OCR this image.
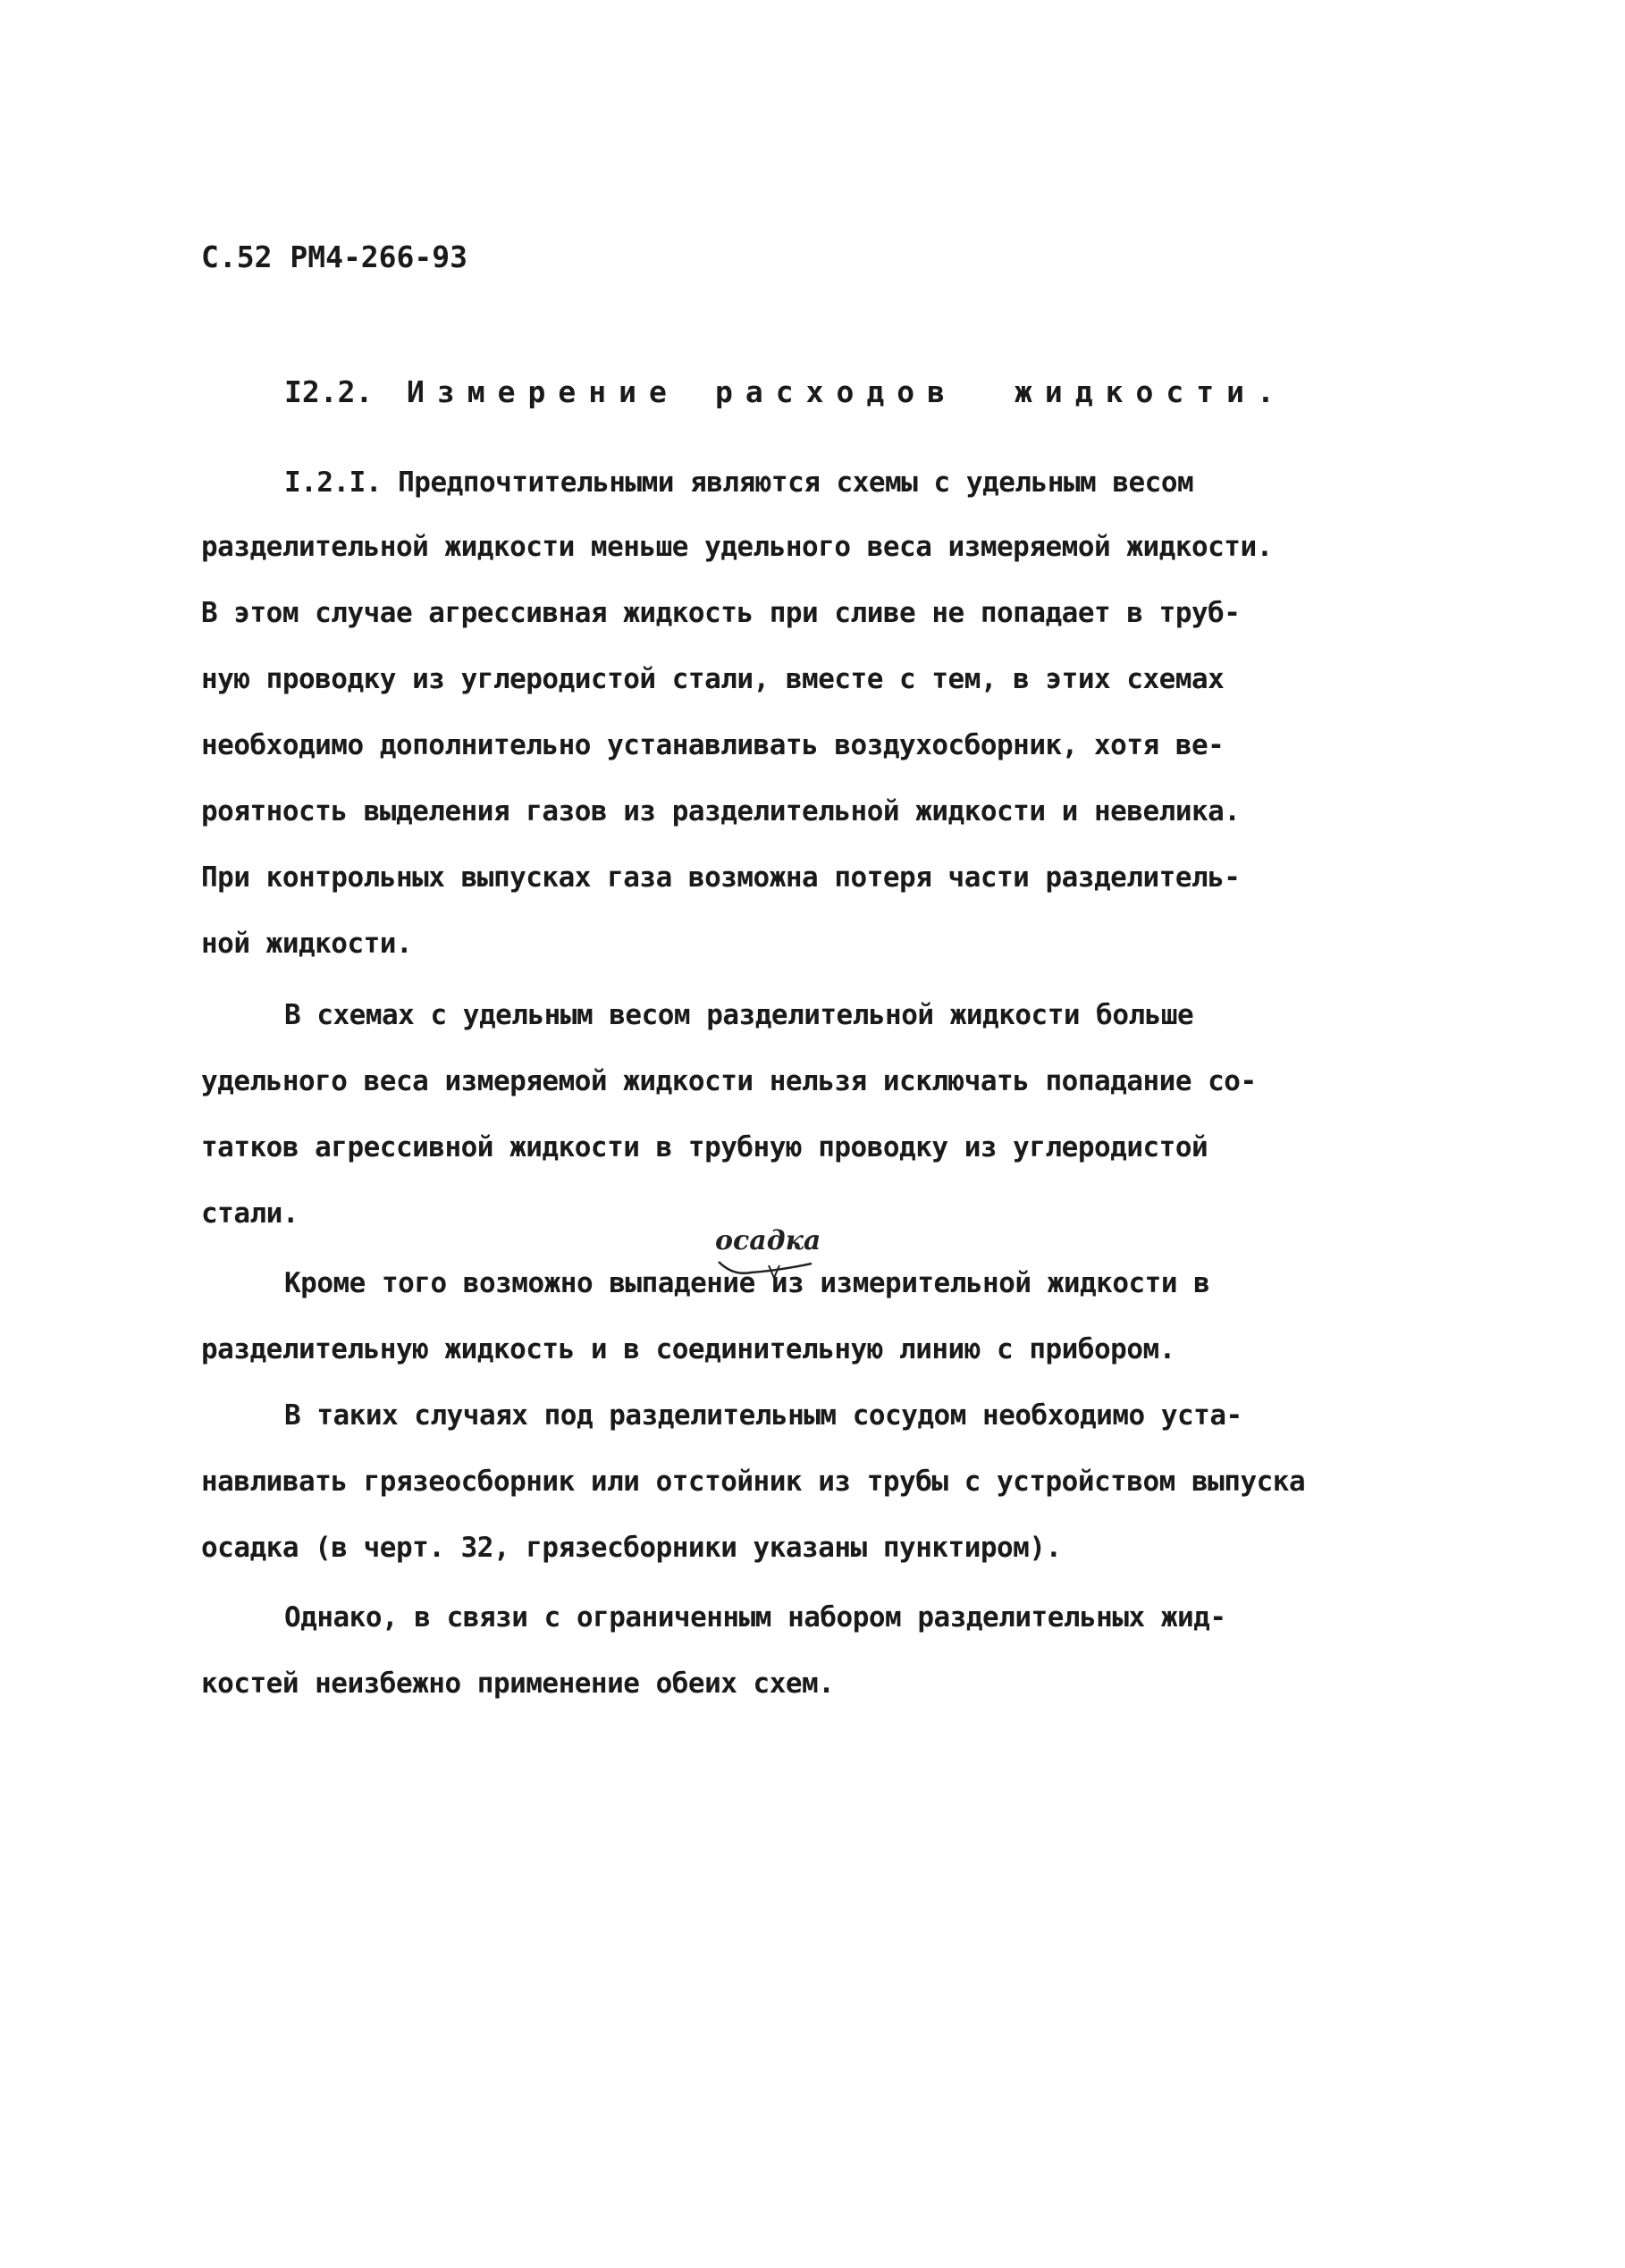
С.52 РМ4-266-93
I2.2. Измерение расходов жидкости.
I.2.I. Предпочтительными являются схемы с удельным весом
разделительной жидкости меньше удельного веса измеряемой жидкости.
В этом случае агрессивная жидкость при сливе не попадает в труб-
ную проводку из углеродистой стали, вместе с тем, в этих схемах
необходимо дополнительно устанавливать воздухосборник, хотя ве-
роятность выделения газов из разделительной жидкости и невелика.
При контрольных выпусках газа возможна потеря части разделитель-
ной жидкости.
В схемах с удельным весом разделительной жидкости больше
удельного веса измеряемой жидкости нельзя исключать попадание со-
татков агрессивной жидкости в трубную проводку из углеродистой
стали.
осадка
Кроме того возможно выпадение из измерительной жидкости в
разделительную жидкость и в соединительную линию с прибором.
В таких случаях под разделительным сосудом необходимо уста-
навливать грязеосборник или отстойник из трубы с устройством выпуска
осадка (в черт. 32, грязесборники указаны пунктиром).
Однако, в связи с ограниченным набором разделительных жид-
костей неизбежно применение обеих схем.
